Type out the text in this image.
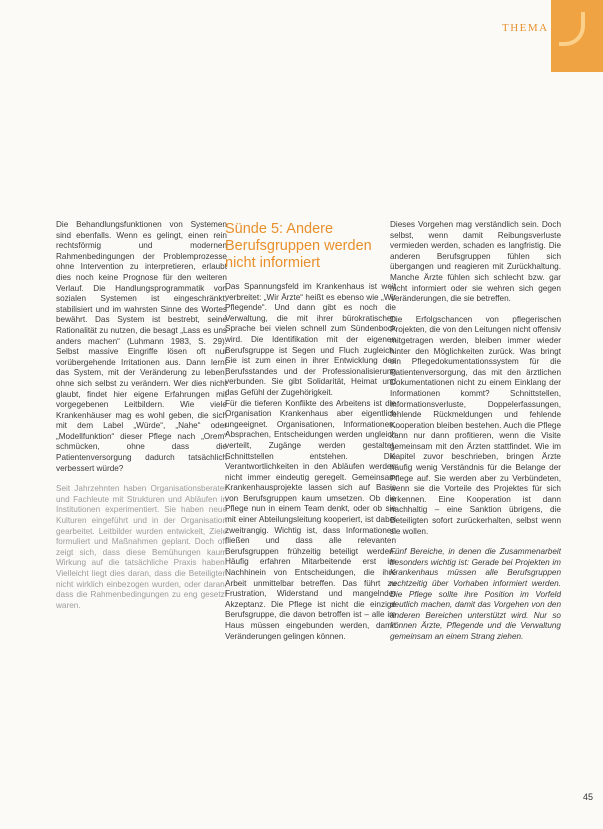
THEMA

Die Behandlungsfunktionen von Systemen sind ebenfalls. Wenn es gelingt, einen rein rechtsförmig und modernen Rahmenbedingungen der Problemprozesse ohne Intervention zu interpretieren, erlaubt dies noch keine Prognose für den weiteren Verlauf. Die Handlungsprogrammatik von sozialen Systemen ist eingeschränkt, stabilisiert und im wahrsten Sinne des Wortes bewährt. Das System ist bestrebt, seine Rationalität zu nutzen, die besagt „Lass es uns anders machen“ (Luhmann 1983, S. 29). Selbst massive Eingriffe lösen oft nur vorübergehende Irritationen aus. Dann lernt das System, mit der Veränderung zu leben, ohne sich selbst zu verändern. Wer dies nicht glaubt, findet hier eigene Erfahrungen mit vorgegebenen Leitbildern. Wie viele Krankenhäuser mag es wohl geben, die sich mit dem Label „Würde“, „Nahe“ oder „Modellfunktion“ dieser Pflege nach „Orem“ schmücken, ohne dass die Patientenversorgung dadurch tatsächlich verbessert würde?

Seit Jahrzehnten haben Organisationsberater und Fachleute mit Strukturen und Abläufen in Institutionen experimentiert. Sie haben neue Kulturen eingeführt und in der Organisation gearbeitet. Leitbilder wurden entwickelt, Ziele formuliert und Maßnahmen geplant. Doch oft zeigt sich, dass diese Bemühungen kaum Wirkung auf die tatsächliche Praxis haben. Vielleicht liegt dies daran, dass die Beteiligten nicht wirklich einbezogen wurden, oder daran, dass die Rahmenbedingungen zu eng gesetzt waren.

Sünde 5: Andere Berufsgruppen werden nicht informiert

Das Spannungsfeld im Krankenhaus ist weit verbreitet: „Wir Ärzte“ heißt es ebenso wie „Wir Pflegende“. Und dann gibt es noch die Verwaltung, die mit ihrer bürokratischen Sprache bei vielen schnell zum Sündenbock wird. Die Identifikation mit der eigenen Berufsgruppe ist Segen und Fluch zugleich. Sie ist zum einen in ihrer Entwicklung des Berufsstandes und der Professionalisierung verbunden. Sie gibt Solidarität, Heimat und das Gefühl der Zugehörigkeit.

Für die tieferen Konflikte des Arbeitens ist die Organisation Krankenhaus aber eigentlich ungeeignet. Organisationen, Informationen, Absprachen, Entscheidungen werden ungleich verteilt, Zugänge werden gestaltet, Schnittstellen entstehen. Die Verantwortlichkeiten in den Abläufen werden nicht immer eindeutig geregelt. Gemeinsam Krankenhausprojekte lassen sich auf Basis von Berufsgruppen kaum umsetzen. Ob die Pflege nun in einem Team denkt, oder ob sie mit einer Abteilungsleitung kooperiert, ist dabei zweitrangig. Wichtig ist, dass Informationen fließen und dass alle relevanten Berufsgruppen frühzeitig beteiligt werden. Häufig erfahren Mitarbeitende erst im Nachhinein von Entscheidungen, die ihre Arbeit unmittelbar betreffen. Das führt zu Frustration, Widerstand und mangelnder Akzeptanz. Die Pflege ist nicht die einzige Berufsgruppe, die davon betroffen ist – alle im Haus müssen eingebunden werden, damit Veränderungen gelingen können.

Dieses Vorgehen mag verständlich sein. Doch selbst, wenn damit Reibungsverluste vermieden werden, schaden es langfristig. Die anderen Berufsgruppen fühlen sich übergangen und reagieren mit Zurückhaltung. Manche Ärzte fühlen sich schlecht bzw. gar nicht informiert oder sie wehren sich gegen Veränderungen, die sie betreffen.

Die Erfolgschancen von pflegerischen Projekten, die von den Leitungen nicht offensiv mitgetragen werden, bleiben immer wieder hinter den Möglichkeiten zurück. Was bringt ein Pflegedokumentationssystem für die Patientenversorgung, das mit den ärztlichen Dokumentationen nicht zu einem Einklang der Informationen kommt? Schnittstellen, Informationsverluste, Doppelerfassungen, fehlende Rückmeldungen und fehlende Kooperation bleiben bestehen. Auch die Pflege kann nur dann profitieren, wenn die Visite gemeinsam mit den Ärzten stattfindet. Wie im Kapitel zuvor beschrieben, bringen Ärzte häufig wenig Verständnis für die Belange der Pflege auf. Sie werden aber zu Verbündeten, wenn sie die Vorteile des Projektes für sich erkennen. Eine Kooperation ist dann nachhaltig – eine Sanktion übrigens, die Beteiligten sofort zurückerhalten, selbst wenn sie wollen.

Fünf Bereiche, in denen die Zusammenarbeit besonders wichtig ist: Gerade bei Projekten im Krankenhaus müssen alle Berufsgruppen rechtzeitig über Vorhaben informiert werden. Die Pflege sollte ihre Position im Vorfeld deutlich machen, damit das Vorgehen von den anderen Bereichen unterstützt wird. Nur so können Ärzte, Pflegende und die Verwaltung gemeinsam an einem Strang ziehen.

45
